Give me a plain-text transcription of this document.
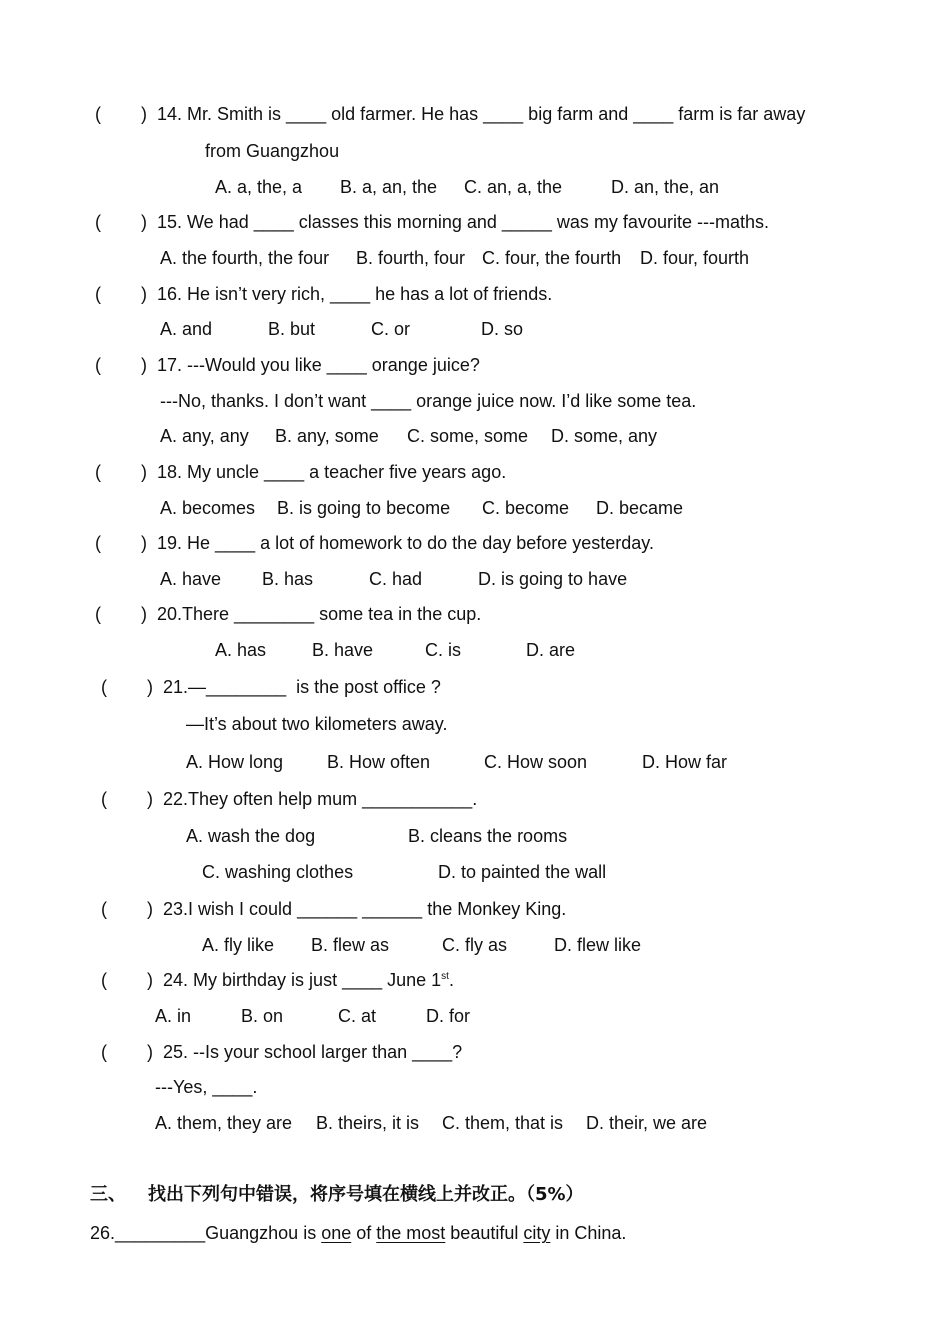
(        )  14. Mr. Smith is ____ old farmer. He has ____ big farm and ____ farm is far away
from Guangzhou
A. a, the, a B. a, an, the C. an, a, the	D. an, the, an
(        )  15. We had ____ classes this morning and _____ was my favourite ---maths.
A. the fourth, the four B. fourth, four C. four, the fourth D. four, fourth
(        )  16. He isn’t very rich, ____ he has a lot of friends.
A. and	B. but	C. or	D. so
(        )  17. ---Would you like ____ orange juice?
---No, thanks. I don’t want ____ orange juice now. I’d like some tea.
A. any, any B. any, some C. some, some D. some, any
(        )  18. My uncle ____ a teacher five years ago.
A. becomes B. is going to become C. become D. became
(        )  19. He ____ a lot of homework to do the day before yesterday.
A. have B. has	C. had	D. is going to have
(        )  20.There ________ some tea in the cup.
A. has	B. have	C. is	D. are
(        )  21.—________  is the post office ?
—It’s about two kilometers away.
A. How long B. How often	C. How soon	D. How far
(        )  22.They often help mum ___________.
A. wash the dog	B. cleans the rooms
C. washing clothes	D. to painted the wall
(        )  23.I wish I could ______ ______ the Monkey King.
A. fly like B. flew as	C. fly as	D. flew like
(        )  24. My birthday is just ____ June 1st.
A. in	B. on	C. at	D. for
(        )  25. --Is your school larger than ____?
---Yes, ____.
A. them, they are B. theirs, it is C. them, that is D. their, we are
三、 找出下列句中错误，将序号填在横线上并改正。（5%）
26._________Guangzhou is one of the most beautiful city in China.
